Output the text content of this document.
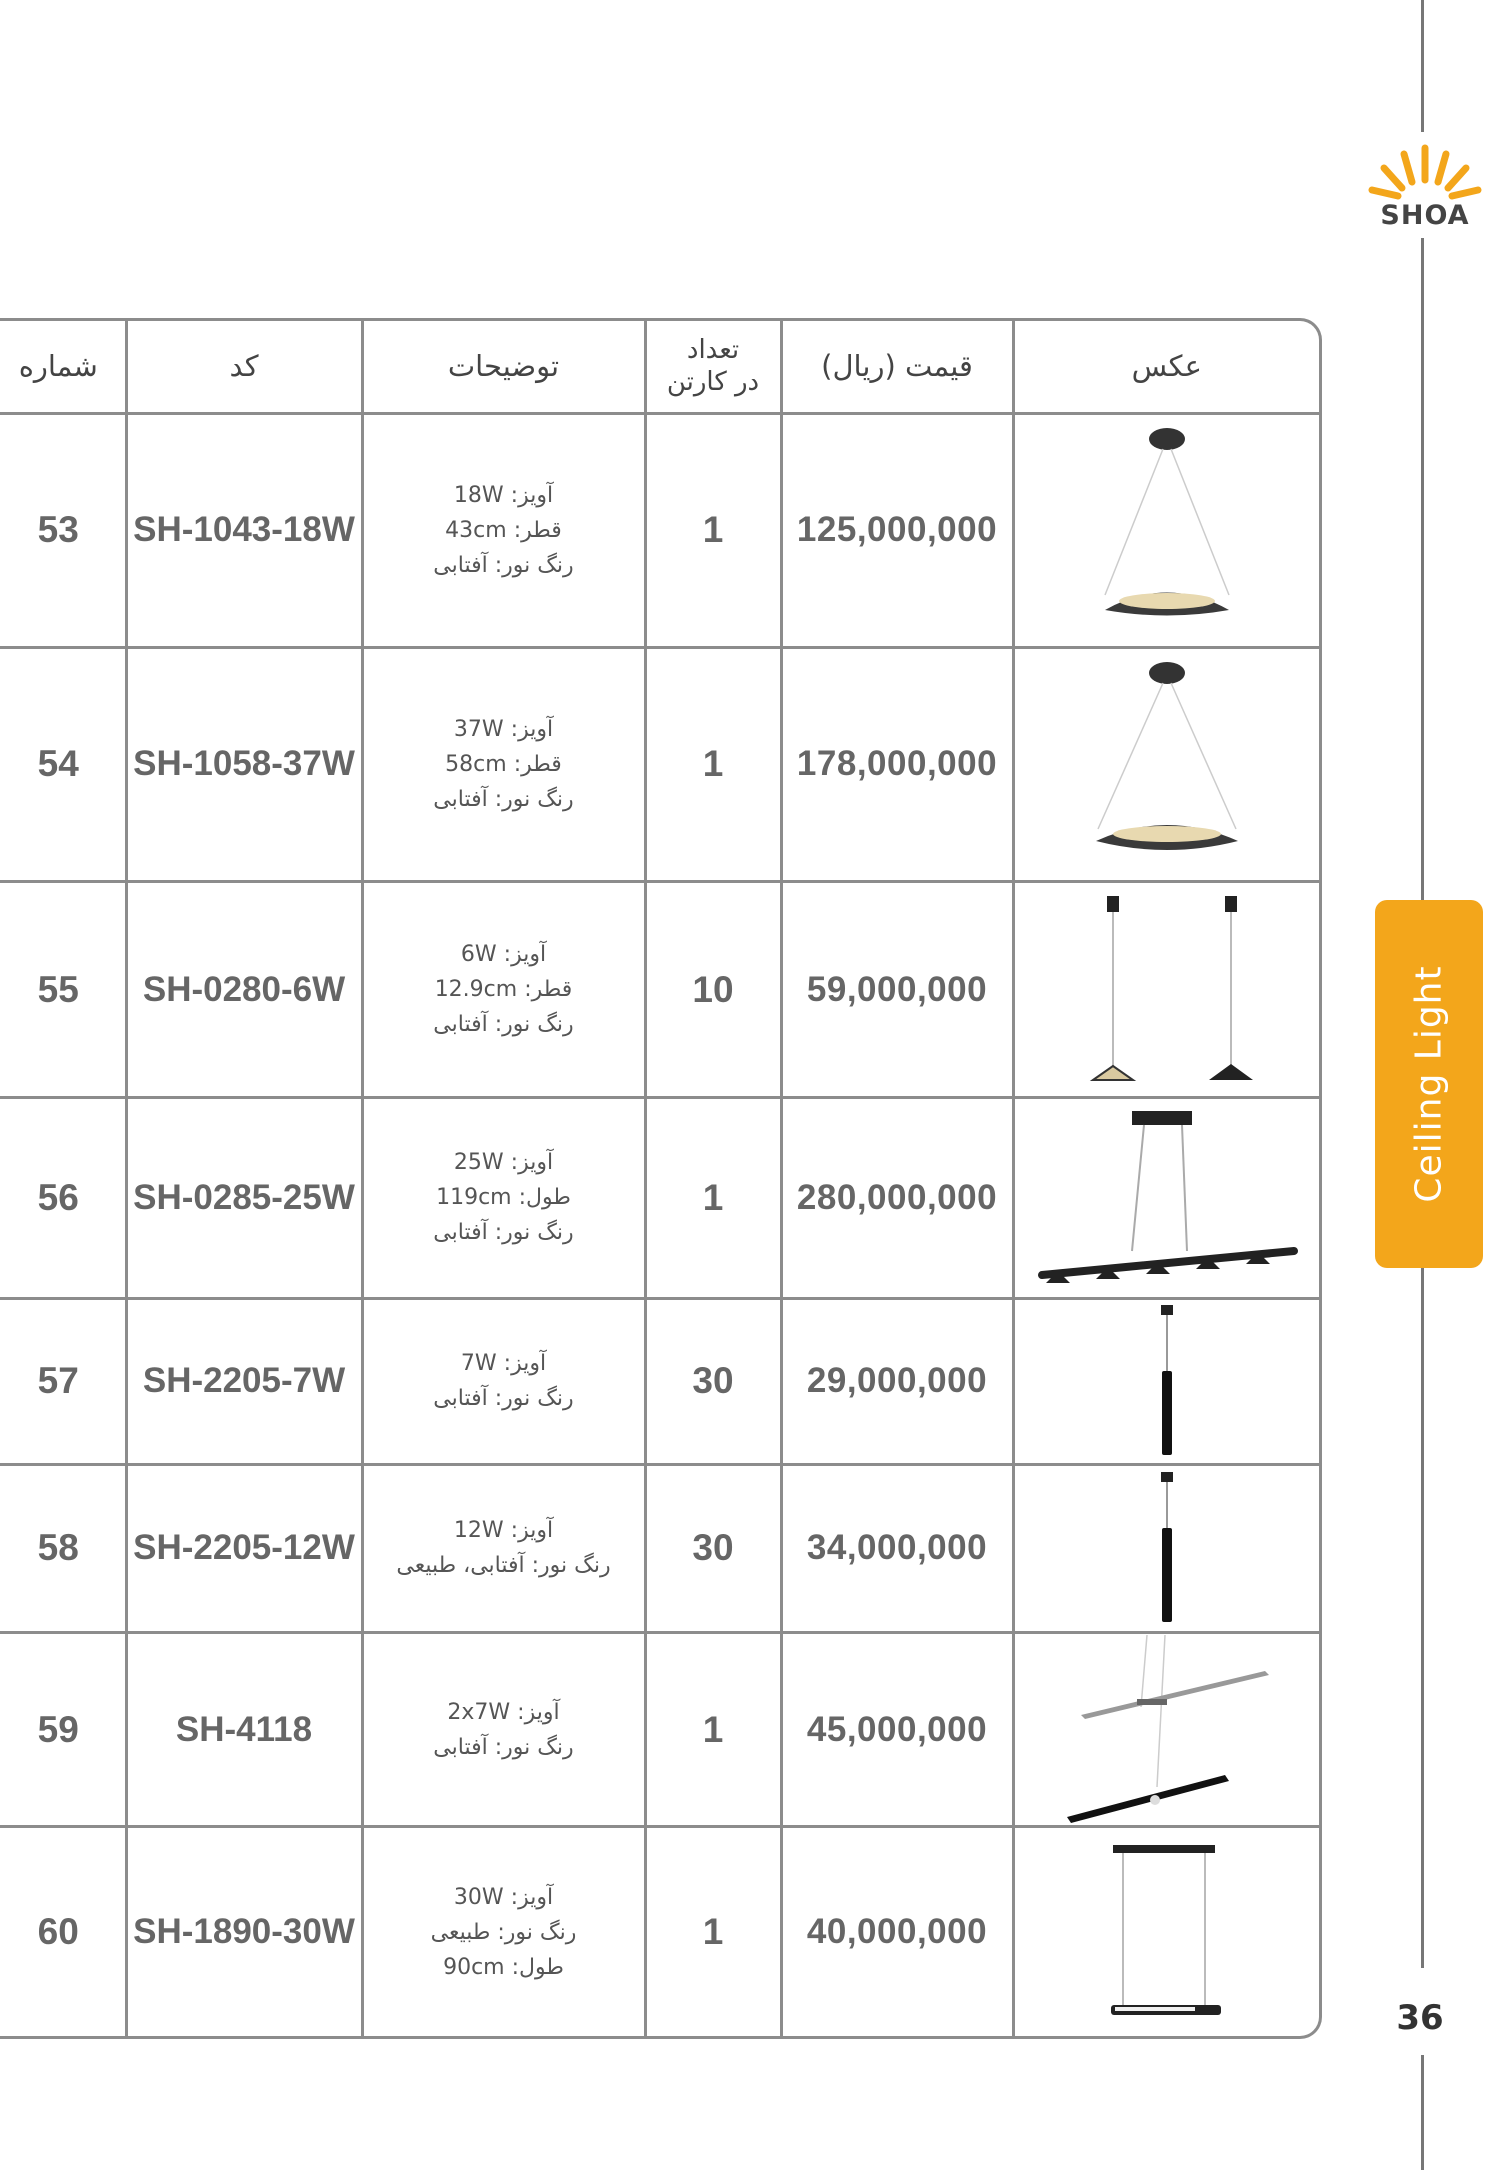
SHOA
Ceiling Light
36
شماره	کد	توضیحات	تعداد
در کارتن	قیمت (ریال)	عکس
53	SH-1043-18W	آویز: 18W
قطر: 43cm
رنگ نور: آفتابی	1	125,000,000	

54	SH-1058-37W	آویز: 37W
قطر: 58cm
رنگ نور: آفتابی	1	178,000,000	

55	SH-0280-6W	آویز: 6W
قطر: 12.9cm
رنگ نور: آفتابی	10	59,000,000	

56	SH-0285-25W	آویز: 25W
طول: 119cm
رنگ نور: آفتابی	1	280,000,000	

57	SH-2205-7W	آویز: 7W
رنگ نور: آفتابی	30	29,000,000	

58	SH-2205-12W	آویز: 12W
رنگ نور: آفتابی، طبیعی	30	34,000,000	

59	SH-4118	آویز: 2x7W
رنگ نور: آفتابی	1	45,000,000	

60	SH-1890-30W	آویز: 30W
رنگ نور: طبیعی
طول: 90cm	1	40,000,000	
